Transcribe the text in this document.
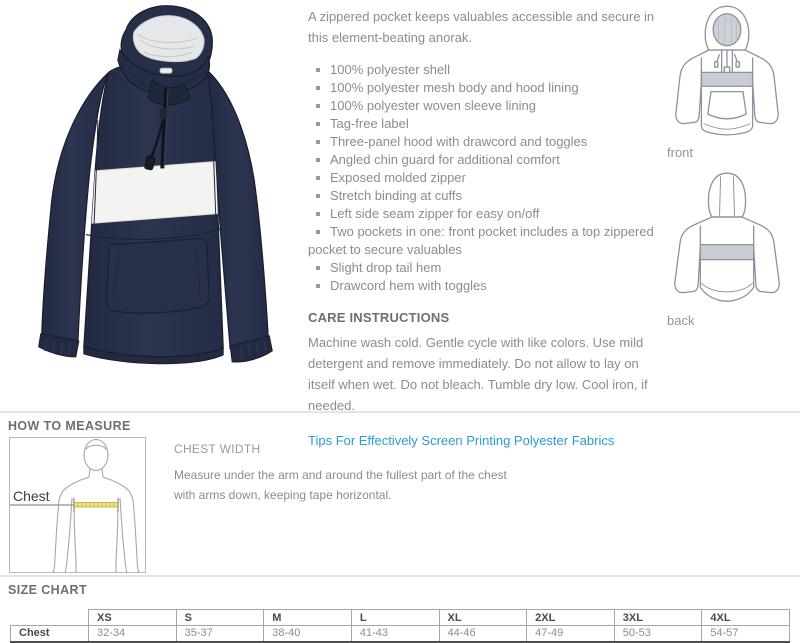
A zippered pocket keeps valuables accessible and secure in this element-beating anorak.

100% polyester shell
100% polyester mesh body and hood lining
100% polyester woven sleeve lining
Tag-free label
Three-panel hood with drawcord and toggles
Angled chin guard for additional comfort
Exposed molded zipper
Stretch binding at cuffs
Left side seam zipper for easy on/off
Two pockets in one: front pocket includes a top zippered pocket to secure valuables
Slight drop tail hem
Drawcord hem with toggles
CARE INSTRUCTIONS

Machine wash cold. Gentle cycle with like colors. Use mild detergent and remove immediately. Do not allow to lay on itself when wet. Do not bleach. Tumble dry low. Cool iron, if needed.

Tips For Effectively Screen Printing Polyester Fabrics
front
back
HOW TO MEASURE
Chest
CHEST WIDTH

Measure under the arm and around the fullest part of the chest with arms down, keeping tape horizontal.

SIZE CHART
	XS	S	M	L	XL	2XL	3XL	4XL
Chest	32-34	35-37	38-40	41-43	44-46	47-49	50-53	54-57
